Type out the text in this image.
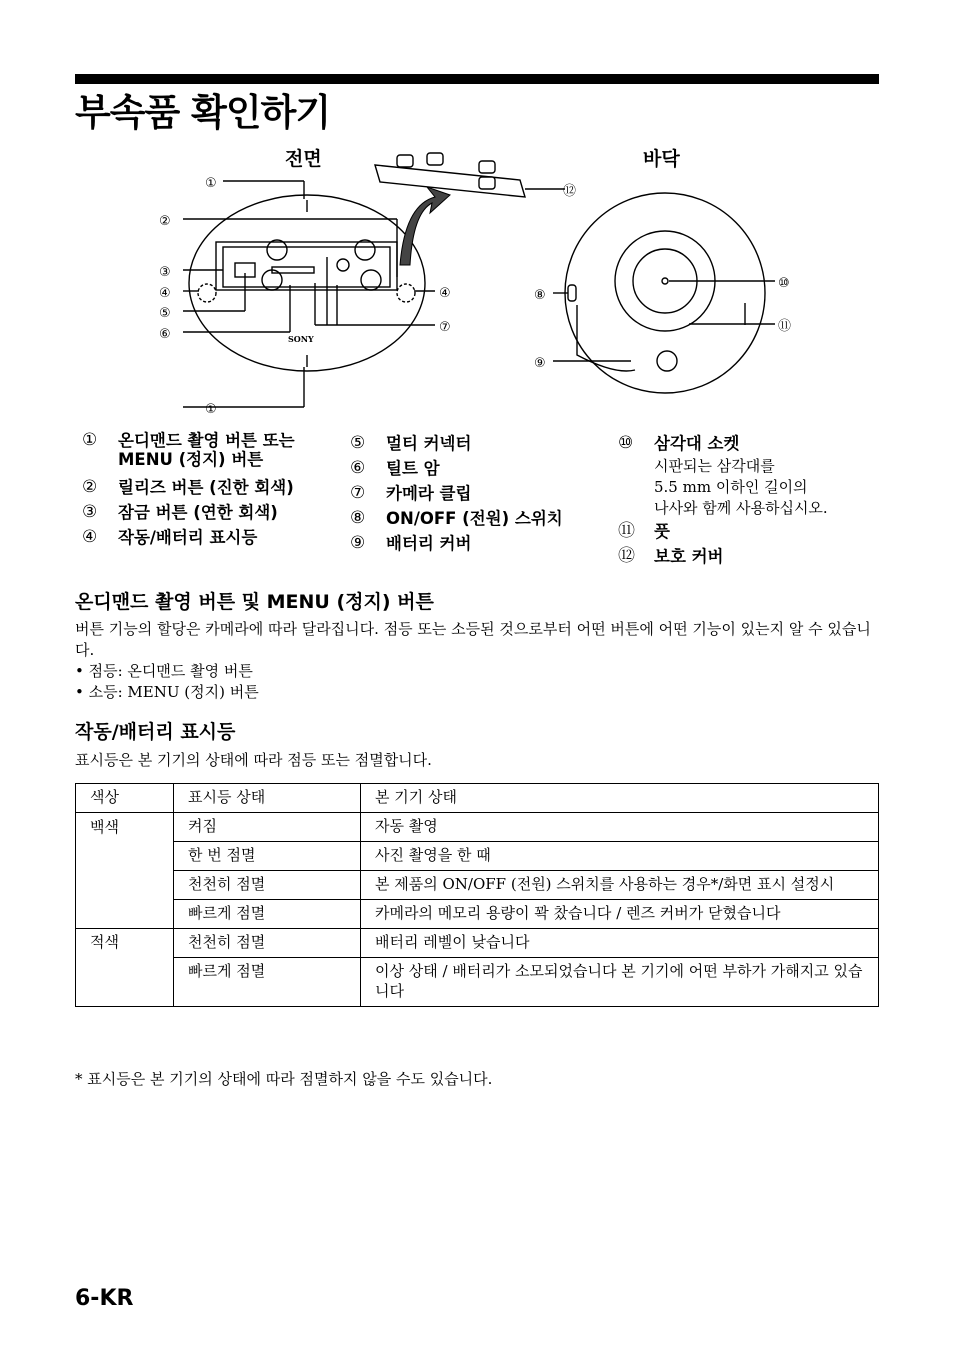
부속품 확인하기
전면	바닥
SONY
①
②
③
④	④
⑤
⑥	⑦
①
⑧
⑨
⑩
⑪
⑫
①	온디맨드 촬영 버튼 또는 MENU (정지) 버튼
②	릴리즈 버튼 (진한 회색)
③	잠금 버튼 (연한 회색)
④	작동/배터리 표시등
⑤	멀티 커넥터
⑥	틸트 암
⑦	카메라 클립
⑧	ON/OFF (전원) 스위치
⑨	배터리 커버
⑩	삼각대 소켓
시판되는 삼각대를
5.5 mm 이하인 길이의
나사와 함께 사용하십시오.
⑪	풋
⑫	보호 커버
온디맨드 촬영 버튼 및 MENU (정지) 버튼
버튼 기능의 할당은 카메라에 따라 달라집니다. 점등 또는 소등된 것으로부터 어떤 버튼에 어떤 기능이 있는지 알 수 있습니다.
• 점등: 온디맨드 촬영 버튼
• 소등: MENU (정지) 버튼
작동/배터리 표시등
표시등은 본 기기의 상태에 따라 점등 또는 점멸합니다.
색상	표시등 상태	본 기기 상태
백색	켜짐	자동 촬영
	한 번 점멸	사진 촬영을 한 때
	천천히 점멸	본 제품의 ON/OFF (전원) 스위치를 사용하는 경우*/화면 표시 설정시
	빠르게 점멸	카메라의 메모리 용량이 꽉 찼습니다 / 렌즈 커버가 닫혔습니다
적색	천천히 점멸	배터리 레벨이 낮습니다
	빠르게 점멸	이상 상태 / 배터리가 소모되었습니다 본 기기에 어떤 부하가 가해지고 있습니다
* 표시등은 본 기기의 상태에 따라 점멸하지 않을 수도 있습니다.
6-KR
